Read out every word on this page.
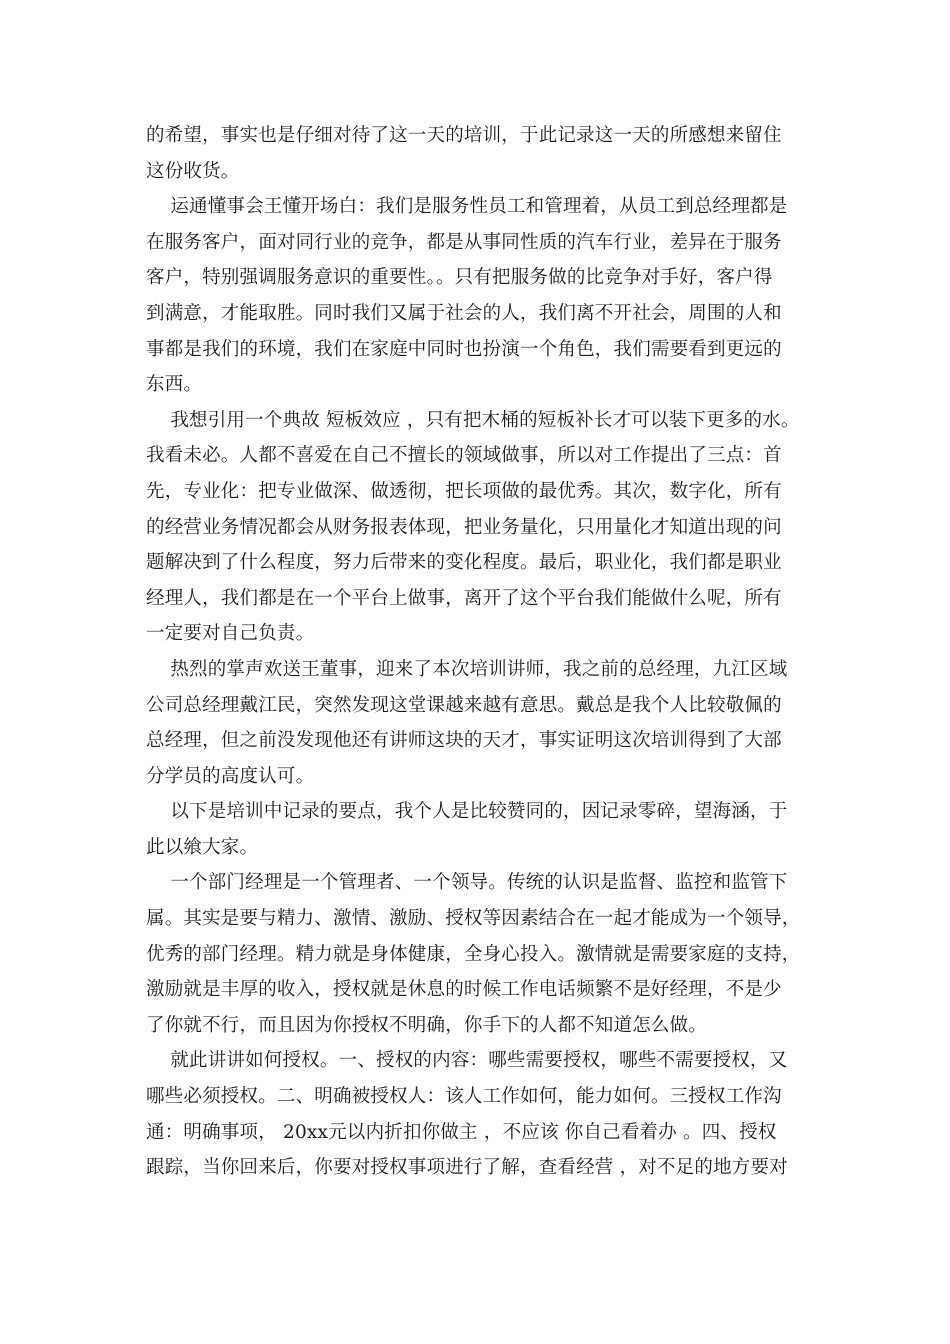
的希望，事实也是仔细对待了这一天的培训，于此记录这一天的所感想来留住
这份收货。
运通懂事会王懂开场白：我们是服务性员工和管理着，从员工到总经理都是
在服务客户，面对同行业的竞争，都是从事同性质的汽车行业，差异在于服务
客户，特别强调服务意识的重要性。。只有把服务做的比竞争对手好，客户得
到满意，才能取胜。同时我们又属于社会的人，我们离不开社会，周围的人和
事都是我们的环境，我们在家庭中同时也扮演一个角色，我们需要看到更远的
东西。
我想引用一个典故 短板效应 ，只有把木桶的短板补长才可以装下更多的水。
我看未必。人都不喜爱在自己不擅长的领域做事，所以对工作提出了三点：首
先，专业化：把专业做深、做透彻，把长项做的最优秀。其次，数字化，所有
的经营业务情况都会从财务报表体现，把业务量化，只用量化才知道出现的问
题解决到了什么程度，努力后带来的变化程度。最后，职业化，我们都是职业
经理人，我们都是在一个平台上做事，离开了这个平台我们能做什么呢，所有
一定要对自己负责。
热烈的掌声欢送王董事，迎来了本次培训讲师，我之前的总经理，九江区域
公司总经理戴江民，突然发现这堂课越来越有意思。戴总是我个人比较敬佩的
总经理，但之前没发现他还有讲师这块的天才，事实证明这次培训得到了大部
分学员的高度认可。
以下是培训中记录的要点，我个人是比较赞同的，因记录零碎，望海涵，于
此以飨大家。
一个部门经理是一个管理者、一个领导。传统的认识是监督、监控和监管下
属。其实是要与精力、激情、激励、授权等因素结合在一起才能成为一个领导，
优秀的部门经理。精力就是身体健康，全身心投入。激情就是需要家庭的支持，
激励就是丰厚的收入，授权就是休息的时候工作电话频繁不是好经理，不是少
了你就不行，而且因为你授权不明确，你手下的人都不知道怎么做。
就此讲讲如何授权。一、授权的内容：哪些需要授权，哪些不需要授权，又
哪些必须授权。二、明确被授权人：该人工作如何，能力如何。三授权工作沟
通：明确事项， 20xx元以内折扣你做主 ，不应该 你自己看着办 。四、授权
跟踪，当你回来后，你要对授权事项进行了解，查看经营 ，对不足的地方要对
